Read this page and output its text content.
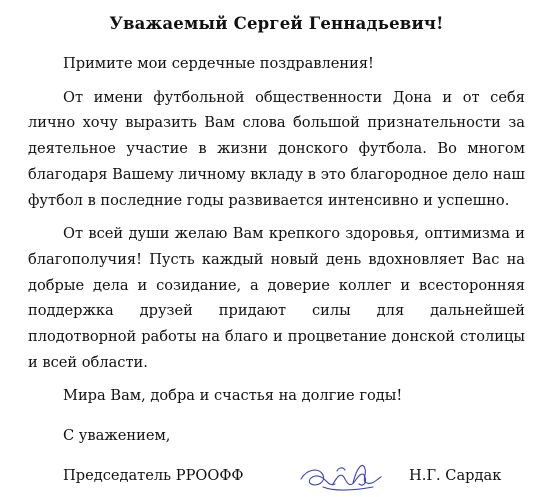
Уважаемый Сергей Геннадьевич!

Примите мои сердечные поздравления!

От имени футбольной общественности Дона и от себя лично хочу выразить Вам слова большой признательности за деятельное участие в жизни донского футбола. Во многом благодаря Вашему личному вкладу в это благородное дело наш футбол в последние годы развивается интенсивно и успешно.

От всей души желаю Вам крепкого здоровья, оптимизма и благополучия! Пусть каждый новый день вдохновляет Вас на добрые дела и созидание, а доверие коллег и всесторонняя поддержка друзей придают силы для дальнейшей плодотворной работы на благо и процветание донской столицы и всей области.

Мира Вам, добра и счастья на долгие годы!

С уважением,
Председатель РРООФФ	Н.Г. Сардак
